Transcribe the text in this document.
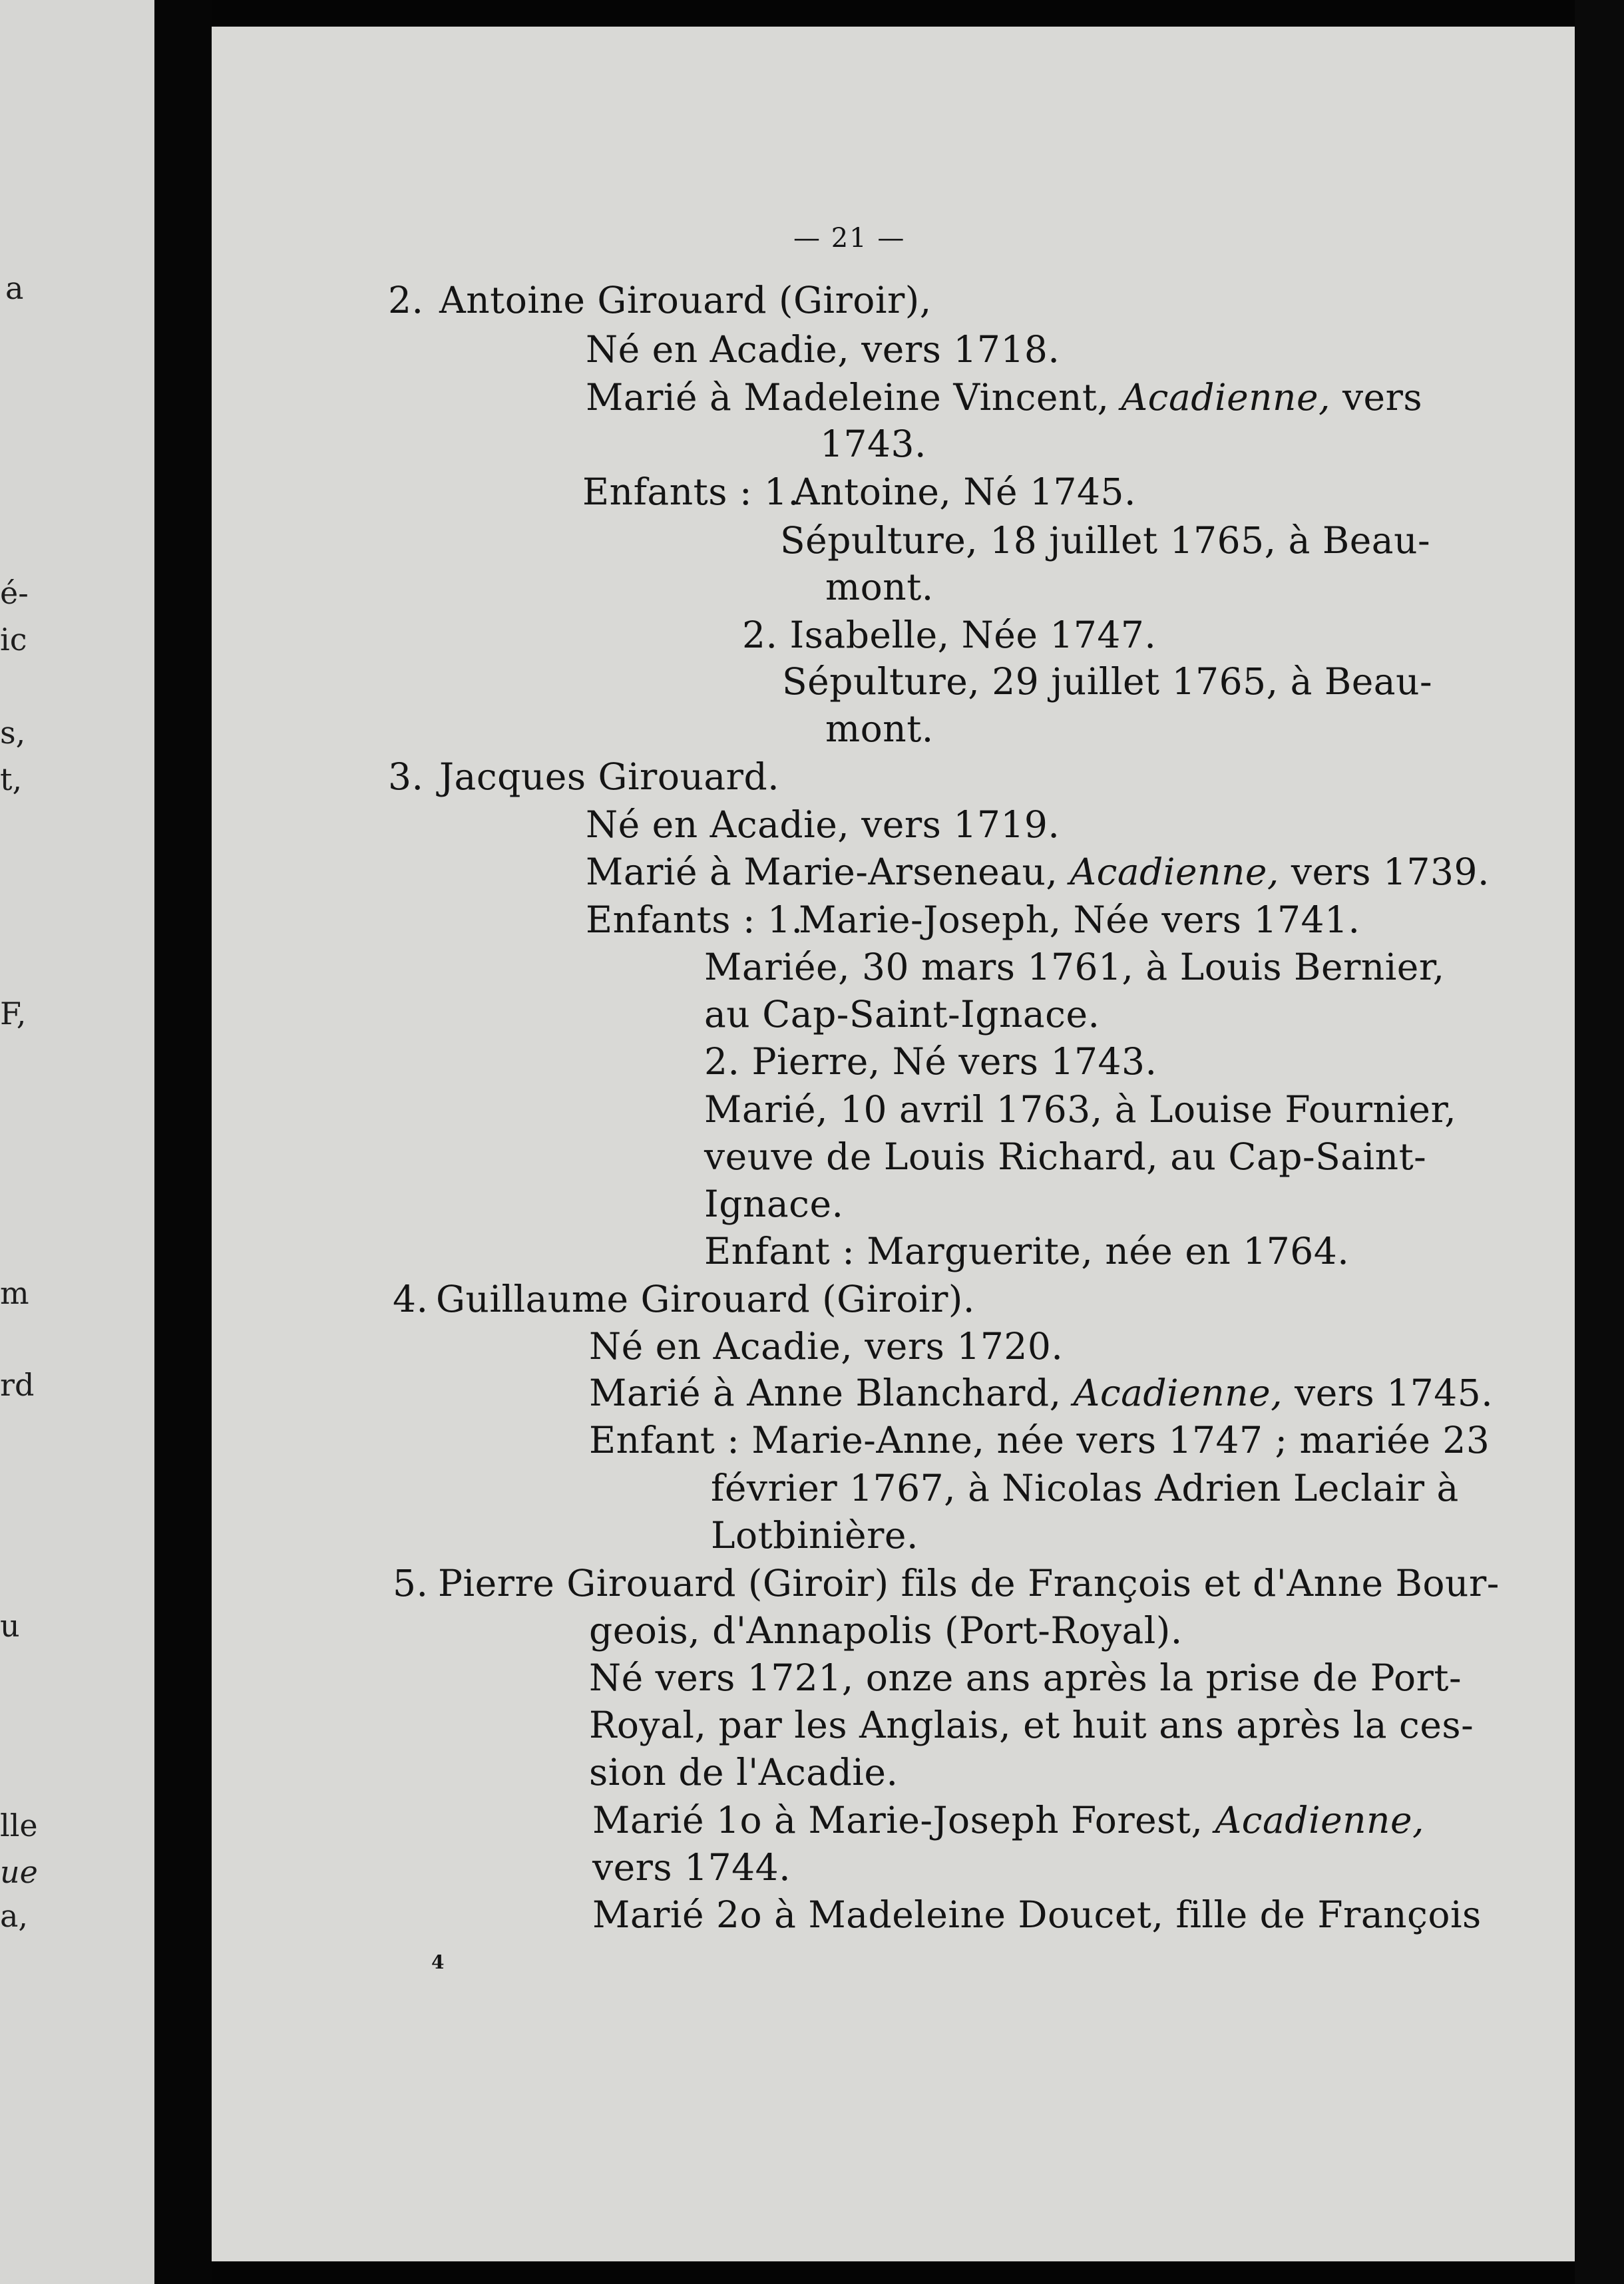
a
é-
ic
s,
t,
F,
m
rd
u
lle
ue
a,
— 21 —
2. Antoine Girouard (Giroir),
Né en Acadie, vers 1718.
Marié à Madeleine Vincent, Acadienne, vers
1743.
Enfants : 1.
Antoine, Né 1745.
Sépulture, 18 juillet 1765, à Beau-
mont.
2. Isabelle, Née 1747.
Sépulture, 29 juillet 1765, à Beau-
mont.
3. Jacques Girouard.
Né en Acadie, vers 1719.
Marié à Marie-Arseneau, Acadienne, vers 1739.
Enfants : 1.
Marie-Joseph, Née vers 1741.
Mariée, 30 mars 1761, à Louis Bernier,
au Cap-Saint-Ignace.
2. Pierre, Né vers 1743.
Marié, 10 avril 1763, à Louise Fournier,
veuve de Louis Richard, au Cap-Saint-
Ignace.
Enfant : Marguerite, née en 1764.
4. Guillaume Girouard (Giroir).
Né en Acadie, vers 1720.
Marié à Anne Blanchard, Acadienne, vers 1745.
Enfant : Marie-Anne, née vers 1747 ; mariée 23
février 1767, à Nicolas Adrien Leclair à
Lotbinière.
5. Pierre Girouard (Giroir) fils de François et d'Anne Bour-
geois, d'Annapolis (Port-Royal).
Né vers 1721, onze ans après la prise de Port-
Royal, par les Anglais, et huit ans après la ces-
sion de l'Acadie.
Marié 1o à Marie-Joseph Forest, Acadienne,
vers 1744.
Marié 2o à Madeleine Doucet, fille de François
4
